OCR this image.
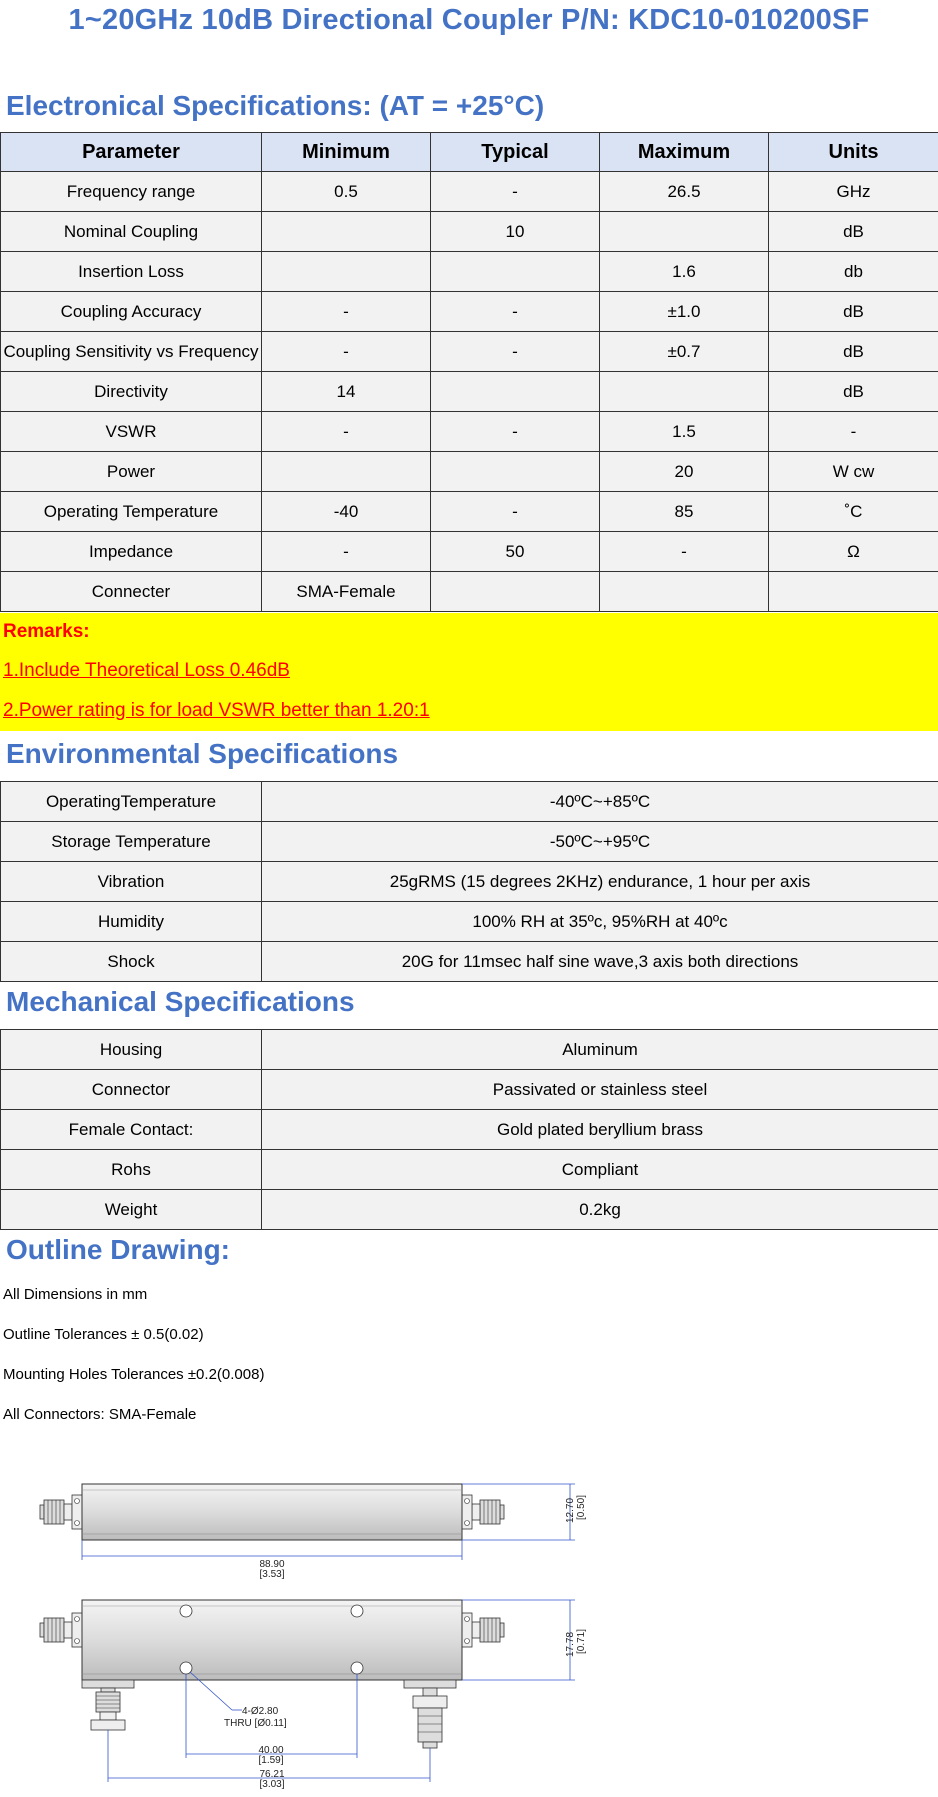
1~20GHz 10dB Directional Coupler P/N: KDC10-010200SF
Electronical Specifications: (AT = +25°C)
Parameter	Minimum	Typical	Maximum	Units
Frequency range	0.5	-	26.5	GHz
Nominal Coupling		10		dB
Insertion Loss			1.6	db
Coupling Accuracy	-	-	±1.0	dB
Coupling Sensitivity vs Frequency	-	-	±0.7	dB
Directivity	14			dB
VSWR	-	-	1.5	-
Power			20	W cw
Operating Temperature	-40	-	85	˚C
Impedance	-	50	-	Ω
Connecter	SMA-Female			
Remarks:
1.Include Theoretical Loss 0.46dB
2.Power rating is for load VSWR better than 1.20:1
Environmental Specifications
OperatingTemperature	-40ºC~+85ºC
Storage Temperature	-50ºC~+95ºC
Vibration	25gRMS (15 degrees 2KHz) endurance, 1 hour per axis
Humidity	100% RH at 35ºc, 95%RH at 40ºc
Shock	20G for 11msec half sine wave,3 axis both directions
Mechanical Specifications
Housing	Aluminum
Connector	Passivated or stainless steel
Female Contact:	Gold plated beryllium brass
Rohs	Compliant
Weight	0.2kg
Outline Drawing:
All Dimensions in mm
Outline Tolerances ± 0.5(0.02)
Mounting Holes Tolerances ±0.2(0.008)
All Connectors: SMA-Female
12.70 [0.50]
88.90
[3.53]
17.78 [0.71]
4-Ø2.80
THRU [Ø0.11]
40.00
[1.59]
76.21
[3.03]
